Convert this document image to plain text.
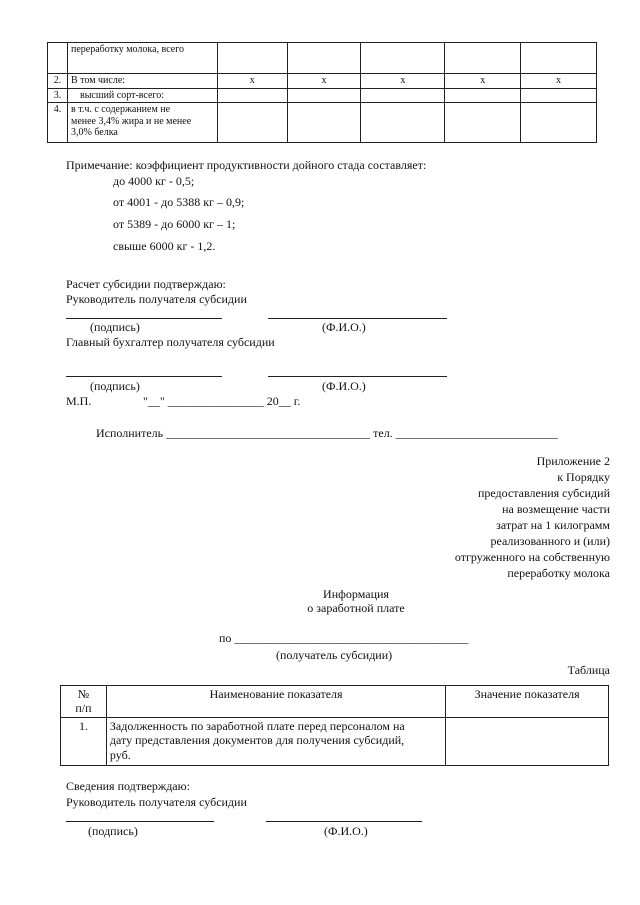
	переработку молока, всего					
2.	В том числе:	х	х	х	х	х
3.	высший сорт-всего:					
4.	в т.ч. с содержанием не
менее 3,4% жира и не менее
3,0% белка					

Примечание: коэффициент продуктивности дойного стада составляет:
до 4000 кг - 0,5;
от 4001 - до 5388 кг – 0,9;
от 5389 - до 6000 кг – 1;
свыше 6000 кг - 1,2.
Расчет субсидии подтверждаю:
Руководитель получателя субсидии
(подпись)	(Ф.И.О.)
Главный бухгалтер получателя субсидии
(подпись)	(Ф.И.О.)
М.П.	"__" ________________ 20__ г.
Исполнитель __________________________________ тел. ___________________________
Приложение 2
к Порядку
предоставления субсидий
на возмещение части
затрат на 1 килограмм
реализованного и (или)
отгруженного на собственную
переработку молока
Информация
о заработной плате
по _______________________________________
(получатель субсидии)
Таблица
№
п/п	Наименование показателя	Значение показателя
1.	Задолженность по заработной плате перед персоналом на
дату представления документов для получения субсидий,
руб.	

Сведения подтверждаю:
Руководитель получателя субсидии
(подпись)	(Ф.И.О.)
